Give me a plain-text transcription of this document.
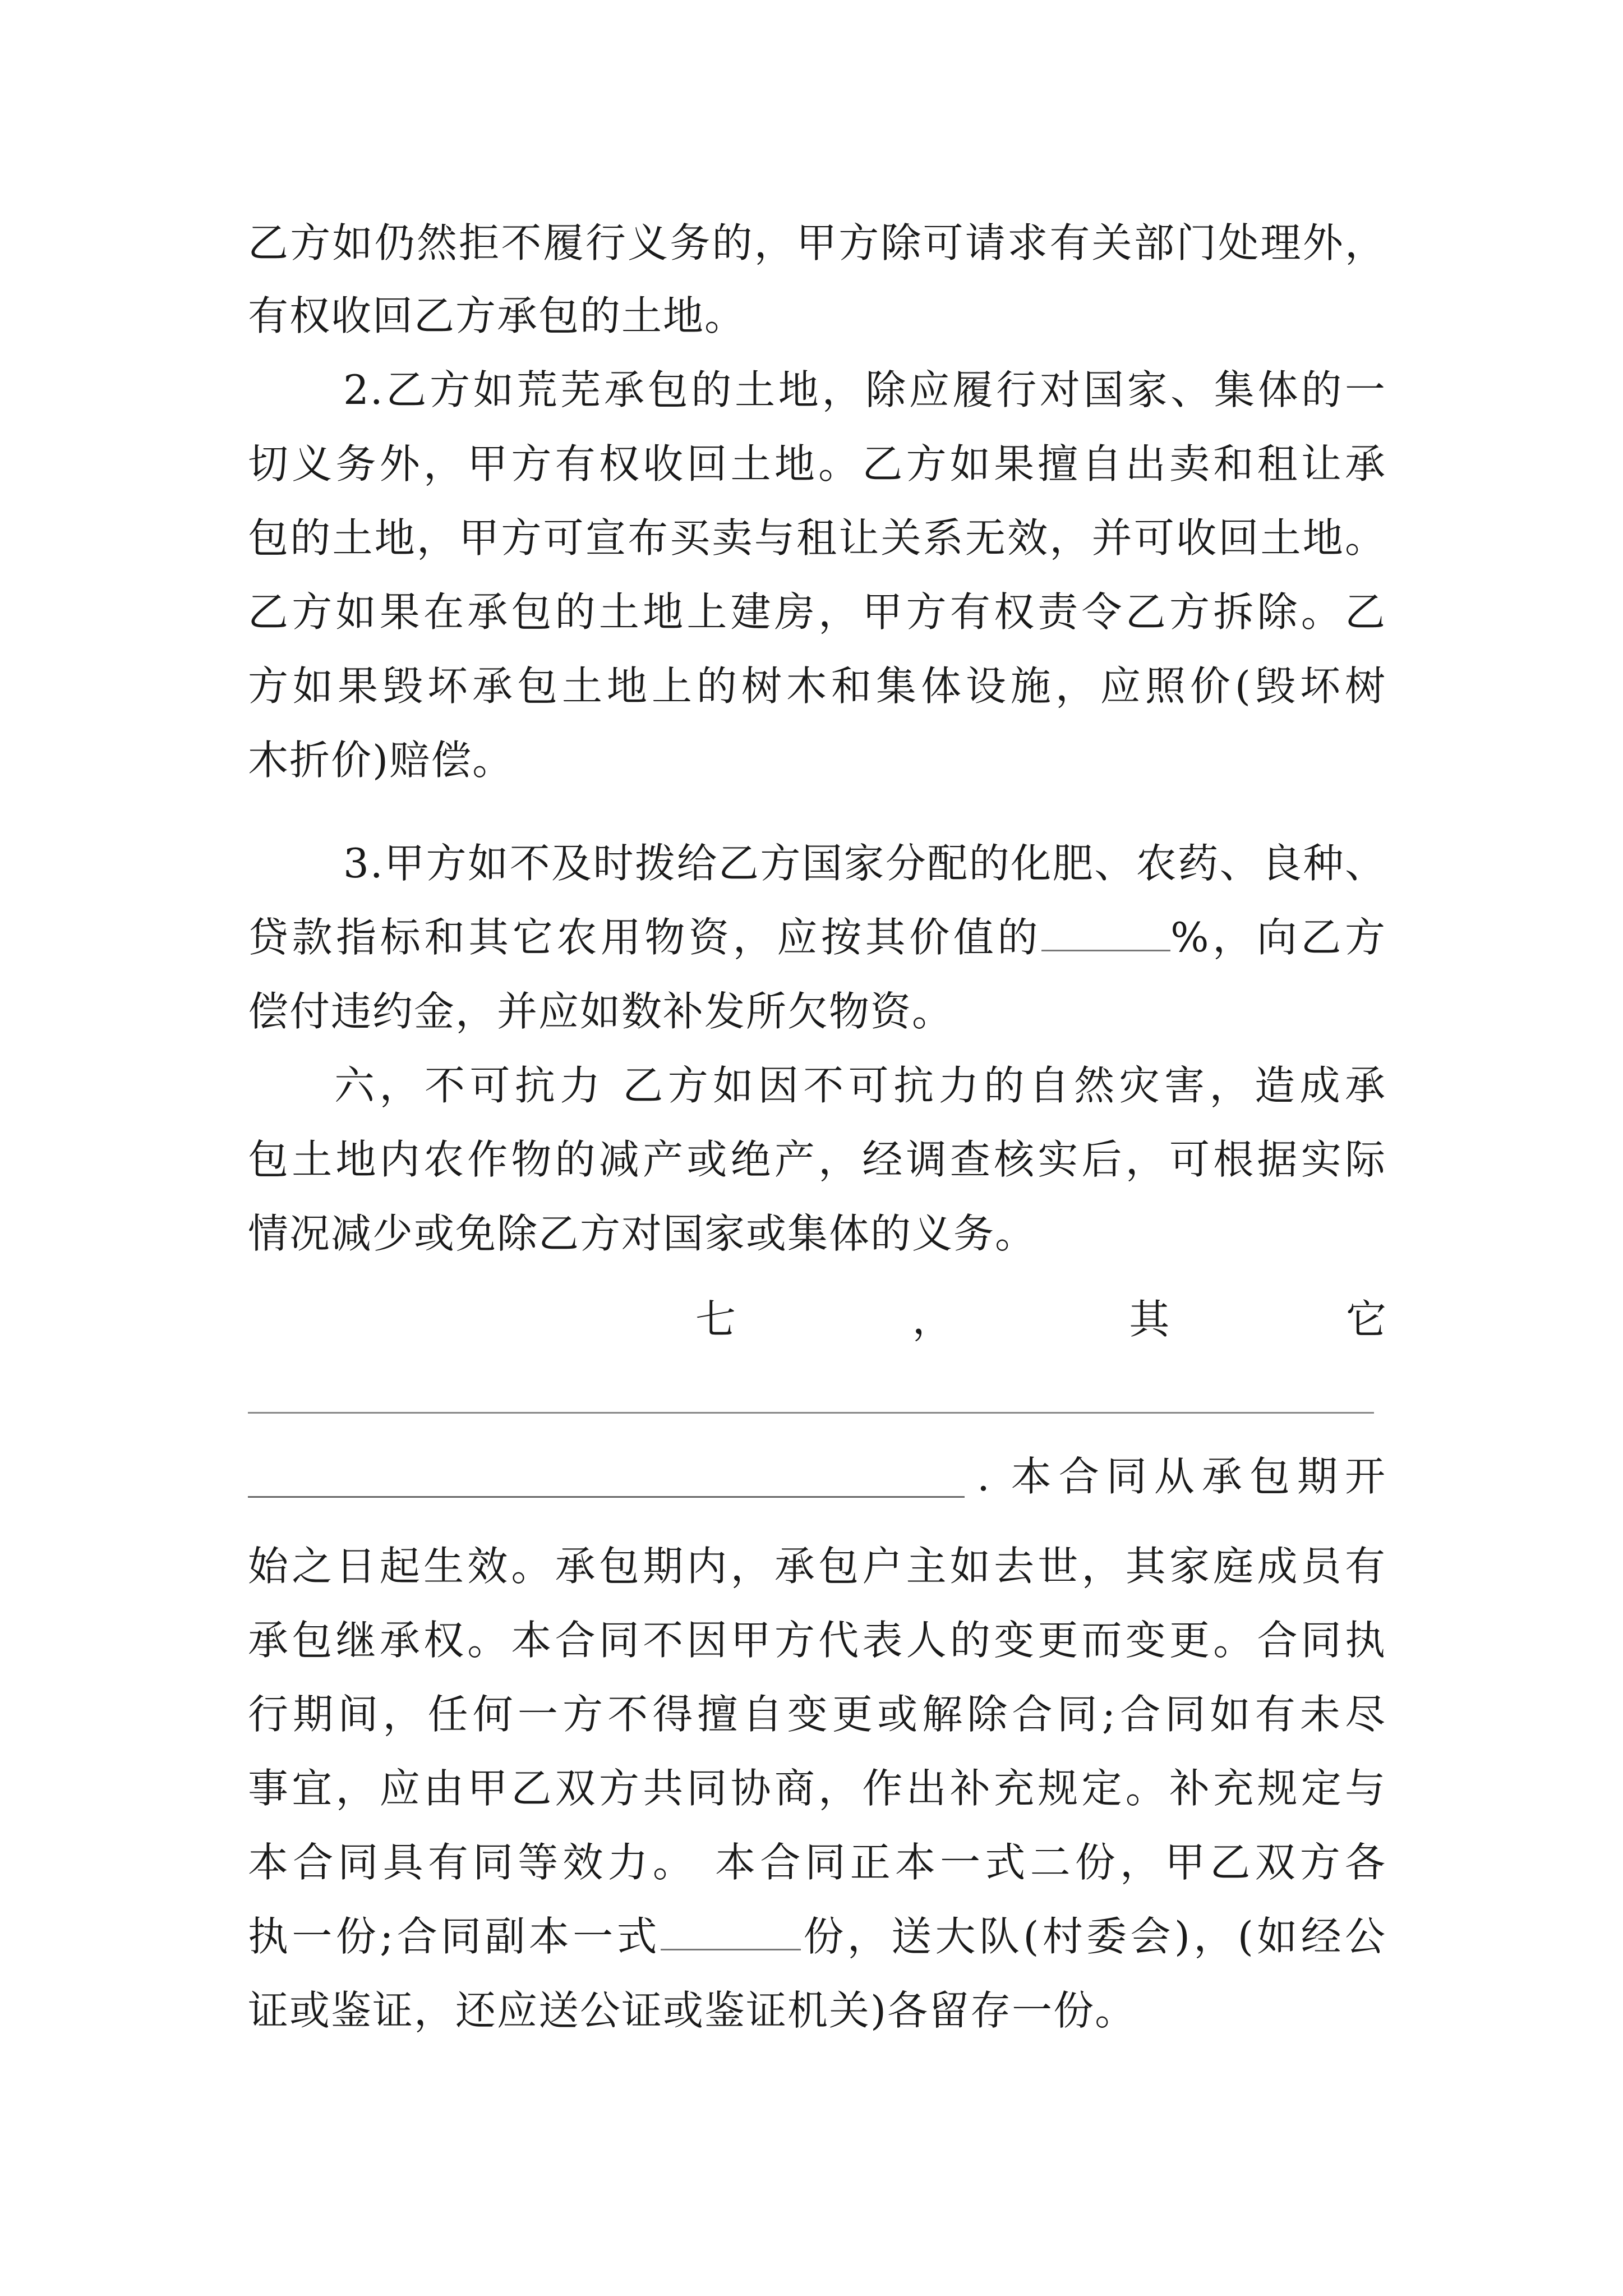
乙方如仍然拒不履行义务的，甲方除可请求有关部门处理外，
有权收回乙方承包的土地。
2.乙方如荒芜承包的土地，除应履行对国家、集体的一
切义务外，甲方有权收回土地。乙方如果擅自出卖和租让承
包的土地，甲方可宣布买卖与租让关系无效，并可收回土地。
乙方如果在承包的土地上建房，甲方有权责令乙方拆除。乙
方如果毁坏承包土地上的树木和集体设施，应照价(毁坏树
木折价)赔偿。
3.甲方如不及时拨给乙方国家分配的化肥、农药、良种、
贷款指标和其它农用物资，应按其价值的	%，向乙方
偿付违约金，并应如数补发所欠物资。
六，不可抗力 乙方如因不可抗力的自然灾害，造成承
包土地内农作物的减产或绝产，经调查核实后，可根据实际
情况减少或免除乙方对国家或集体的义务。
七	，	其	它
. 本合同从承包期开
始之日起生效。承包期内，承包户主如去世，其家庭成员有
承包继承权。本合同不因甲方代表人的变更而变更。合同执
行期间，任何一方不得擅自变更或解除合同;合同如有未尽
事宜，应由甲乙双方共同协商，作出补充规定。补充规定与
本合同具有同等效力。 本合同正本一式二份，甲乙双方各
执一份;合同副本一式	份，送大队(村委会)，(如经公
证或鉴证，还应送公证或鉴证机关)各留存一份。
